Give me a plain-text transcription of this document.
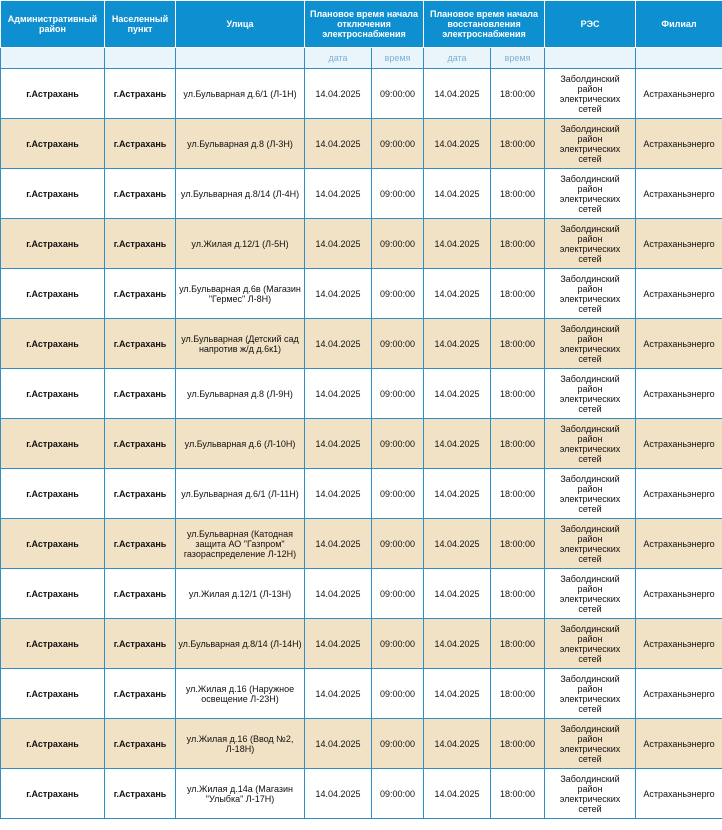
Административный район	Населенный пункт	Улица	Плановое время начала отключения электроснабжения		Плановое время начала восстановления электроснабжения		РЭС	Филиал
			дата	время	дата	время		
г.Астрахань	г.Астрахань	ул.Бульварная д.6/1 (Л-1Н)	14.04.2025	09:00:00	14.04.2025	18:00:00	Заболдинский район электрических сетей	Астраханьэнерго
г.Астрахань	г.Астрахань	ул.Бульварная д.8 (Л-3Н)	14.04.2025	09:00:00	14.04.2025	18:00:00	Заболдинский район электрических сетей	Астраханьэнерго
г.Астрахань	г.Астрахань	ул.Бульварная д.8/14 (Л-4Н)	14.04.2025	09:00:00	14.04.2025	18:00:00	Заболдинский район электрических сетей	Астраханьэнерго
г.Астрахань	г.Астрахань	ул.Жилая д.12/1 (Л-5Н)	14.04.2025	09:00:00	14.04.2025	18:00:00	Заболдинский район электрических сетей	Астраханьэнерго
г.Астрахань	г.Астрахань	ул.Бульварная д.6в (Магазин "Гермес" Л-8Н)	14.04.2025	09:00:00	14.04.2025	18:00:00	Заболдинский район электрических сетей	Астраханьэнерго
г.Астрахань	г.Астрахань	ул.Бульварная (Детский сад напротив ж/д д.6к1)	14.04.2025	09:00:00	14.04.2025	18:00:00	Заболдинский район электрических сетей	Астраханьэнерго
г.Астрахань	г.Астрахань	ул.Бульварная д.8 (Л-9Н)	14.04.2025	09:00:00	14.04.2025	18:00:00	Заболдинский район электрических сетей	Астраханьэнерго
г.Астрахань	г.Астрахань	ул.Бульварная д.6 (Л-10Н)	14.04.2025	09:00:00	14.04.2025	18:00:00	Заболдинский район электрических сетей	Астраханьэнерго
г.Астрахань	г.Астрахань	ул.Бульварная д.6/1 (Л-11Н)	14.04.2025	09:00:00	14.04.2025	18:00:00	Заболдинский район электрических сетей	Астраханьэнерго
г.Астрахань	г.Астрахань	ул.Бульварная (Катодная защита АО "Газпром" газораспределение Л-12Н)	14.04.2025	09:00:00	14.04.2025	18:00:00	Заболдинский район электрических сетей	Астраханьэнерго
г.Астрахань	г.Астрахань	ул.Жилая д.12/1 (Л-13Н)	14.04.2025	09:00:00	14.04.2025	18:00:00	Заболдинский район электрических сетей	Астраханьэнерго
г.Астрахань	г.Астрахань	ул.Бульварная д.8/14 (Л-14Н)	14.04.2025	09:00:00	14.04.2025	18:00:00	Заболдинский район электрических сетей	Астраханьэнерго
г.Астрахань	г.Астрахань	ул.Жилая д.16 (Наружное освещение Л-23Н)	14.04.2025	09:00:00	14.04.2025	18:00:00	Заболдинский район электрических сетей	Астраханьэнерго
г.Астрахань	г.Астрахань	ул.Жилая д.16 (Ввод №2, Л-18Н)	14.04.2025	09:00:00	14.04.2025	18:00:00	Заболдинский район электрических сетей	Астраханьэнерго
г.Астрахань	г.Астрахань	ул.Жилая д.14а (Магазин "Улыбка" Л-17Н)	14.04.2025	09:00:00	14.04.2025	18:00:00	Заболдинский район электрических сетей	Астраханьэнерго
